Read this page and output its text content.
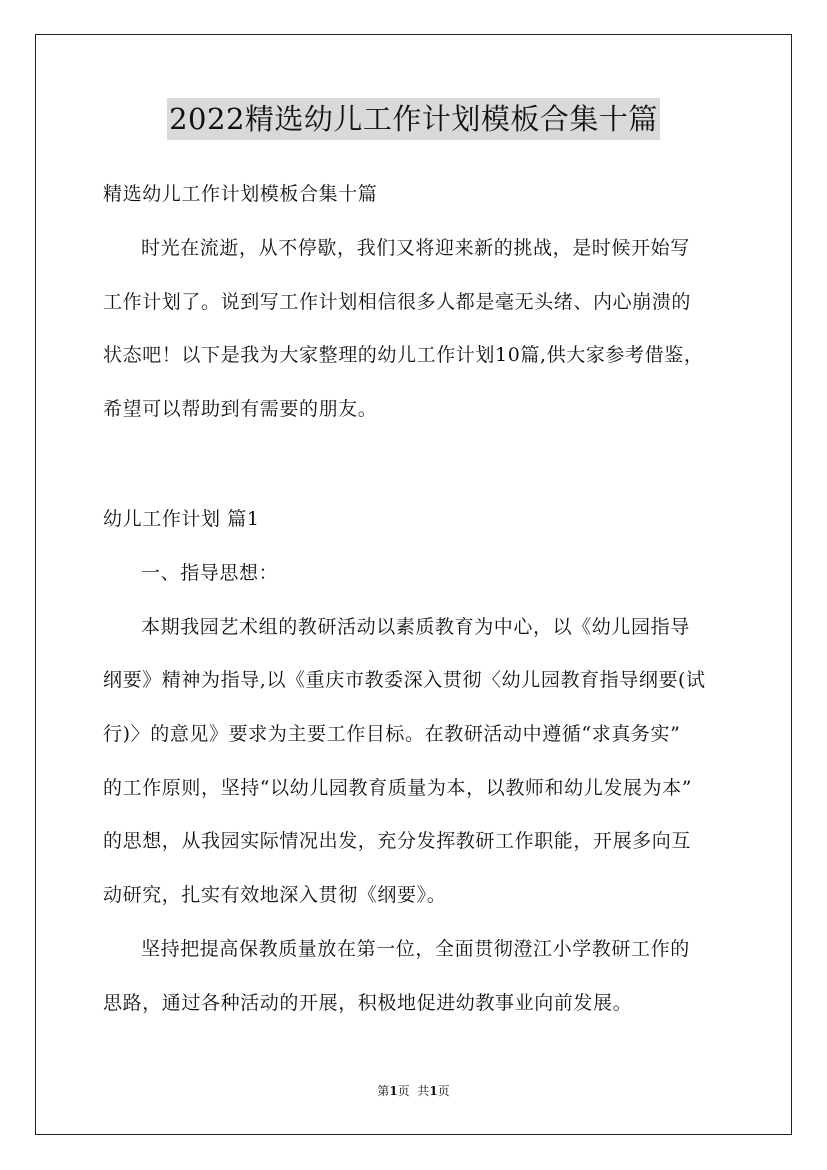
2022精选幼儿工作计划模板合集十篇
精选幼儿工作计划模板合集十篇
时光在流逝，从不停歇，我们又将迎来新的挑战，是时候开始写
工作计划了。说到写工作计划相信很多人都是毫无头绪、内心崩溃的
状态吧！以下是我为大家整理的幼儿工作计划10篇,供大家参考借鉴，
希望可以帮助到有需要的朋友。
幼儿工作计划 篇1
一、指导思想：
本期我园艺术组的教研活动以素质教育为中心，以《幼儿园指导
纲要》精神为指导,以《重庆市教委深入贯彻〈幼儿园教育指导纲要(试
行)〉的意见》要求为主要工作目标。在教研活动中遵循“求真务实”
的工作原则，坚持“以幼儿园教育质量为本，以教师和幼儿发展为本”
的思想，从我园实际情况出发，充分发挥教研工作职能，开展多向互
动研究，扎实有效地深入贯彻《纲要》。
坚持把提高保教质量放在第一位，全面贯彻澄江小学教研工作的
思路，通过各种活动的开展，积极地促进幼教事业向前发展。
第1页  共1页
